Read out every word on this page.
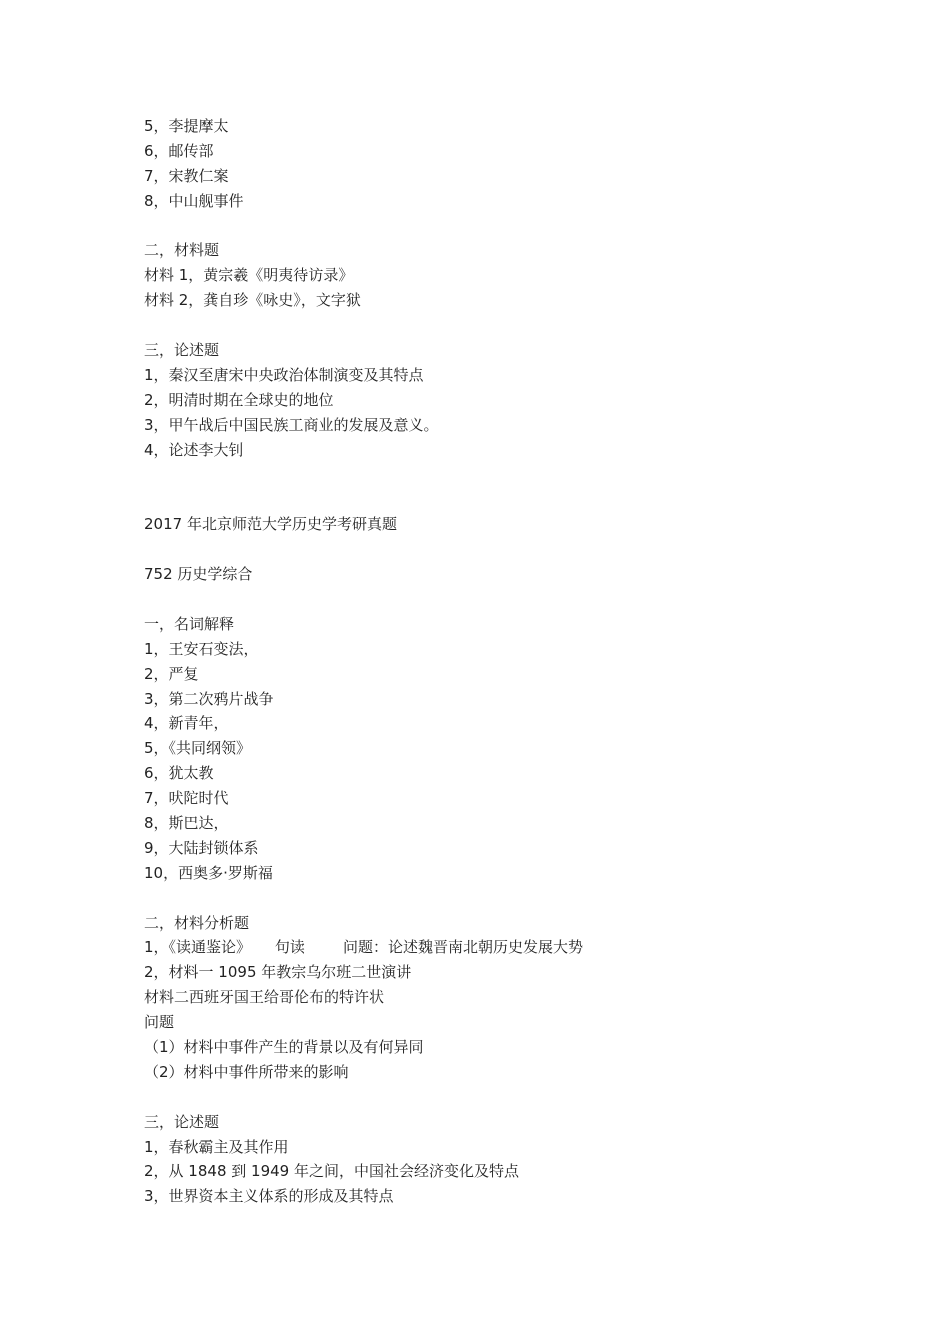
5，李提摩太
6，邮传部
7，宋教仁案
8，中山舰事件
二，材料题
材料 1，黄宗羲《明夷待访录》
材料 2，龚自珍《咏史》，文字狱
三，论述题
1，秦汉至唐宋中央政治体制演变及其特点
2，明清时期在全球史的地位
3，甲午战后中国民族工商业的发展及意义。
4，论述李大钊
2017 年北京师范大学历史学考研真题
752 历史学综合
一，名词解释
1，王安石变法，
2，严复
3，第二次鸦片战争
4，新青年，
5，《共同纲领》
6，犹太教
7，吠陀时代
8，斯巴达，
9，大陆封锁体系
10，西奥多·罗斯福
二，材料分析题
1，《读通鉴论》     句读        问题：论述魏晋南北朝历史发展大势
2，材料一 1095 年教宗乌尔班二世演讲
材料二西班牙国王给哥伦布的特许状
问题
（1）材料中事件产生的背景以及有何异同
（2）材料中事件所带来的影响
三，论述题
1，春秋霸主及其作用
2，从 1848 到 1949 年之间，中国社会经济变化及特点
3，世界资本主义体系的形成及其特点
